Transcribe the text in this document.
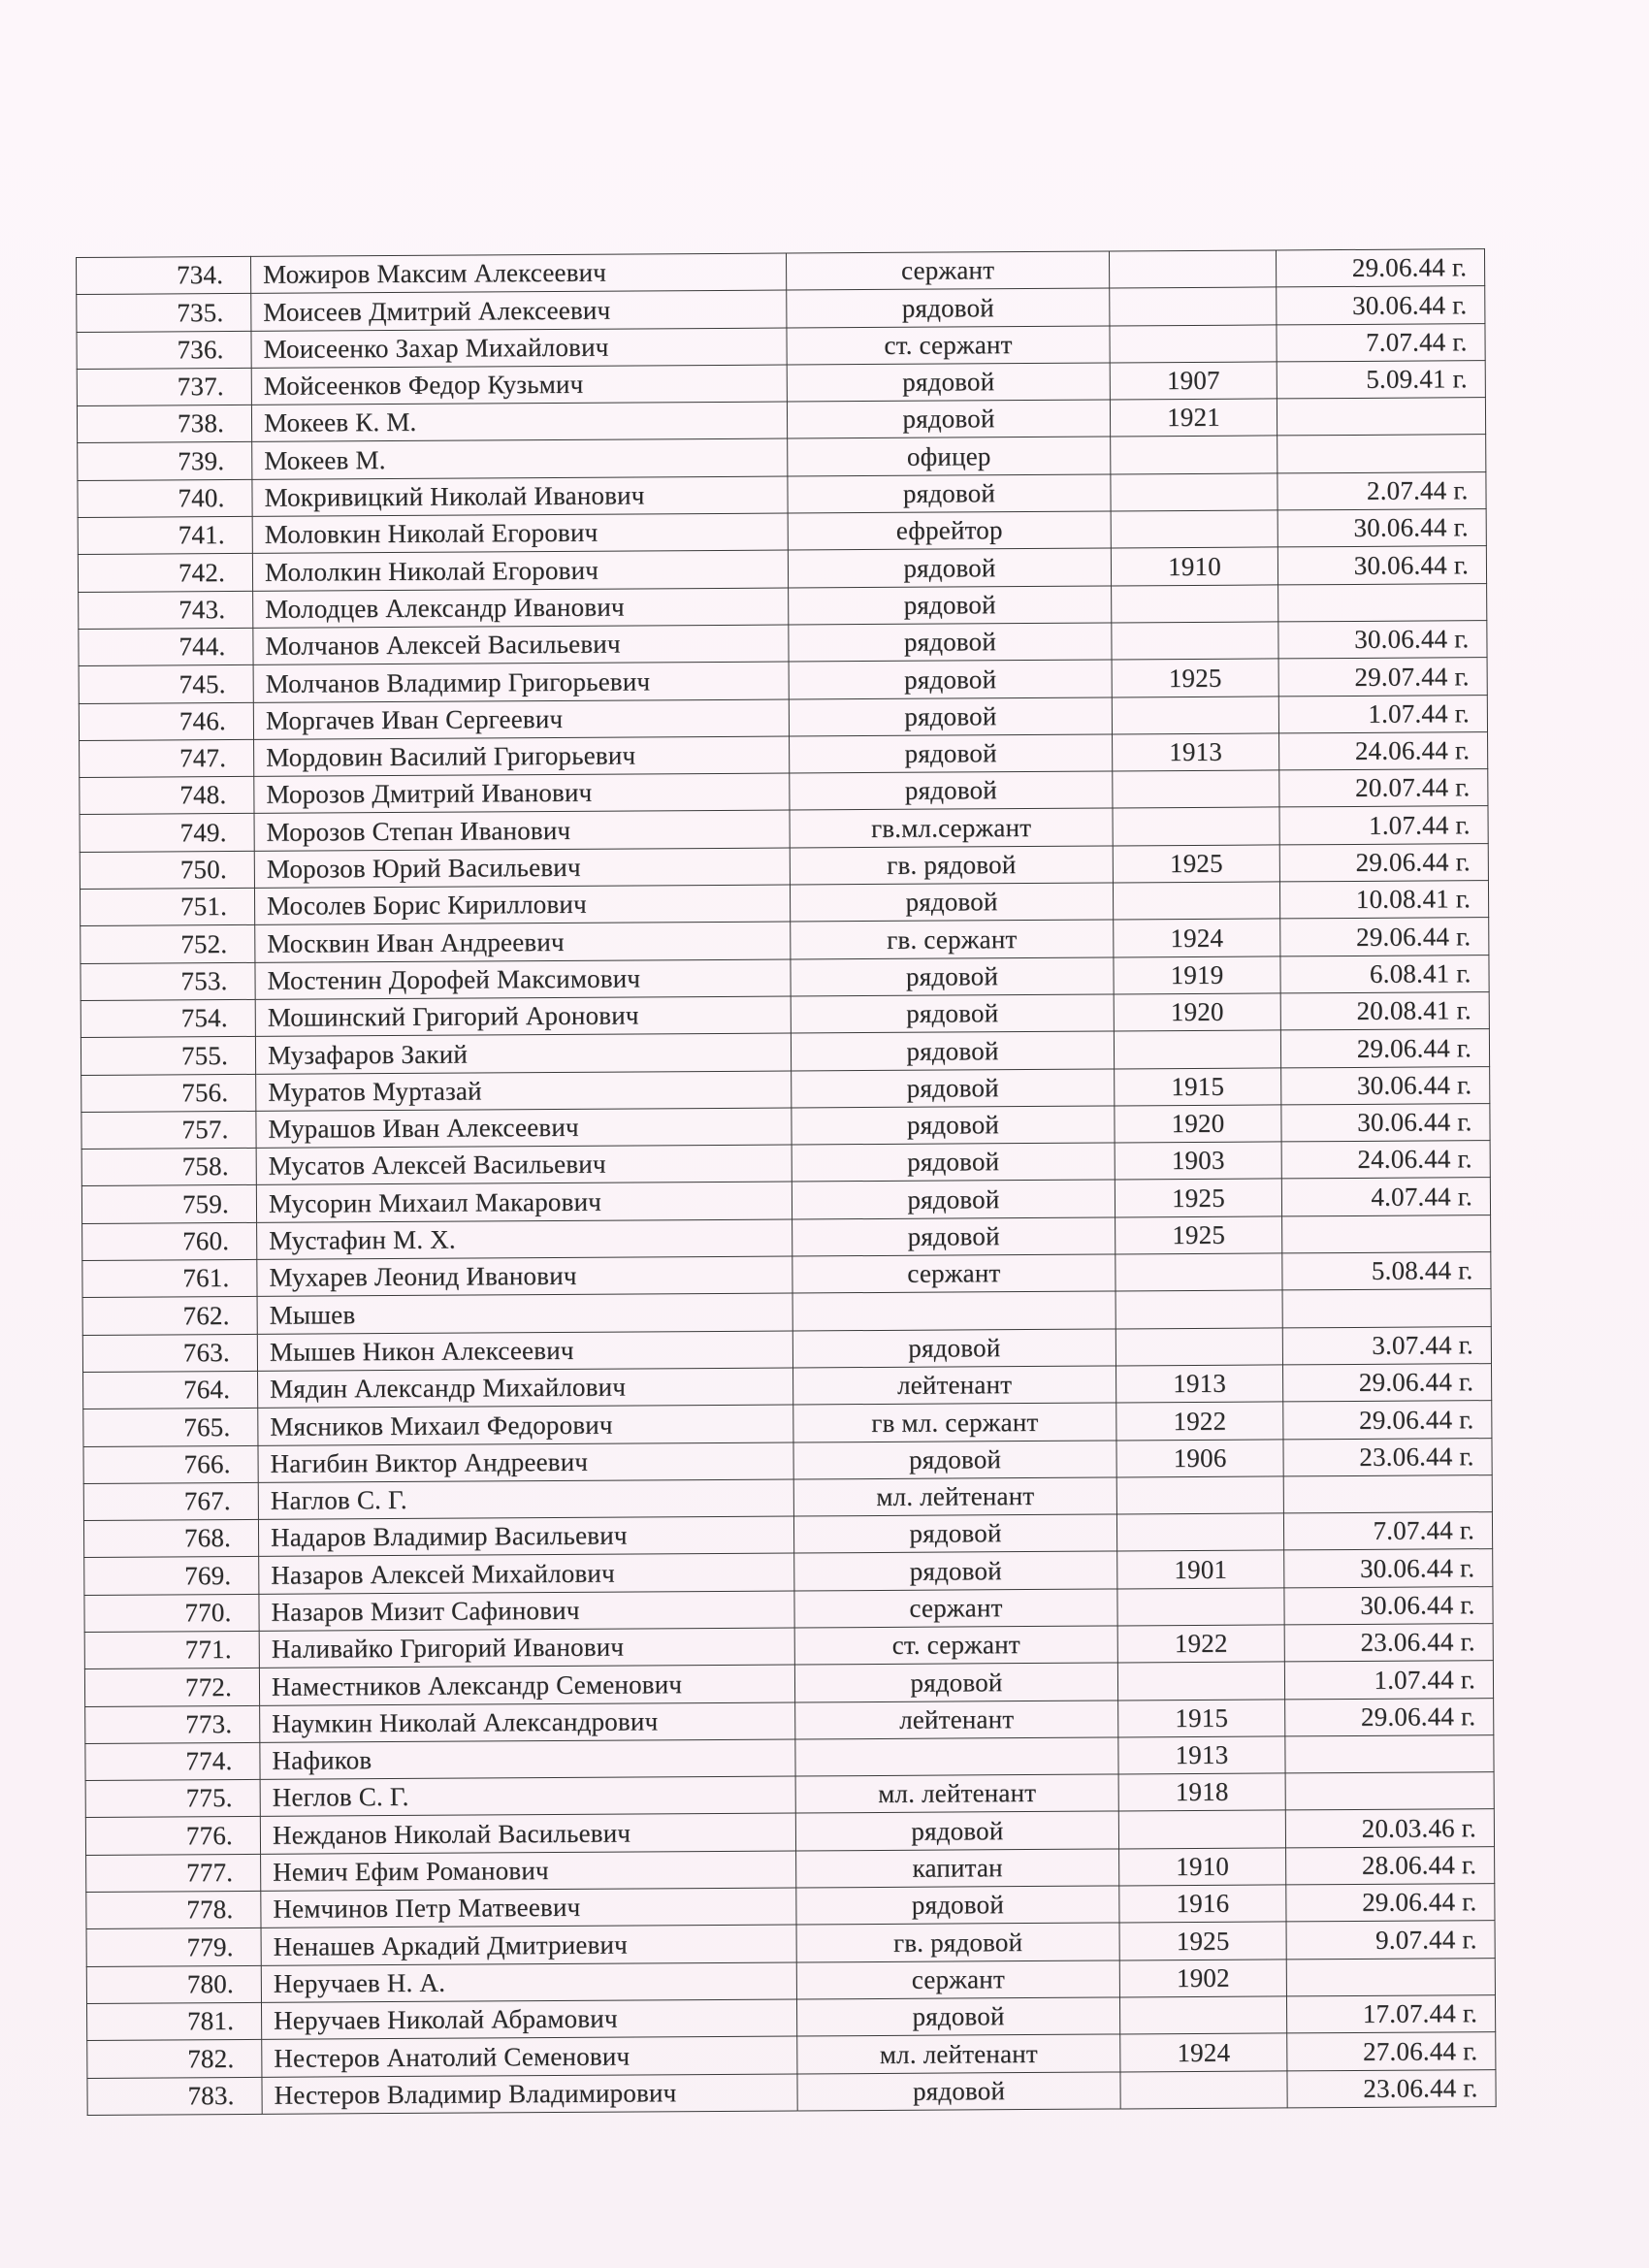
734.	Можиров Максим Алексеевич	сержант		29.06.44 г.
735.	Моисеев Дмитрий Алексеевич	рядовой		30.06.44 г.
736.	Моисеенко Захар Михайлович	ст. сержант		7.07.44 г.
737.	Мойсеенков Федор Кузьмич	рядовой	1907	5.09.41 г.
738.	Мокеев К. М.	рядовой	1921	
739.	Мокеев М.	офицер		
740.	Мокривицкий Николай Иванович	рядовой		2.07.44 г.
741.	Моловкин Николай Егорович	ефрейтор		30.06.44 г.
742.	Мололкин Николай Егорович	рядовой	1910	30.06.44 г.
743.	Молодцев Александр Иванович	рядовой		
744.	Молчанов Алексей Васильевич	рядовой		30.06.44 г.
745.	Молчанов Владимир Григорьевич	рядовой	1925	29.07.44 г.
746.	Моргачев Иван Сергеевич	рядовой		1.07.44 г.
747.	Мордовин Василий Григорьевич	рядовой	1913	24.06.44 г.
748.	Морозов Дмитрий Иванович	рядовой		20.07.44 г.
749.	Морозов Степан Иванович	гв.мл.сержант		1.07.44 г.
750.	Морозов Юрий Васильевич	гв. рядовой	1925	29.06.44 г.
751.	Мосолев Борис Кириллович	рядовой		10.08.41 г.
752.	Москвин Иван Андреевич	гв. сержант	1924	29.06.44 г.
753.	Мостенин Дорофей Максимович	рядовой	1919	6.08.41 г.
754.	Мошинский Григорий Аронович	рядовой	1920	20.08.41 г.
755.	Музафаров Закий	рядовой		29.06.44 г.
756.	Муратов Муртазай	рядовой	1915	30.06.44 г.
757.	Мурашов Иван Алексеевич	рядовой	1920	30.06.44 г.
758.	Мусатов Алексей Васильевич	рядовой	1903	24.06.44 г.
759.	Мусорин Михаил Макарович	рядовой	1925	4.07.44 г.
760.	Мустафин М. Х.	рядовой	1925	
761.	Мухарев Леонид Иванович	сержант		5.08.44 г.
762.	Мышев			
763.	Мышев Никон Алексеевич	рядовой		3.07.44 г.
764.	Мядин Александр Михайлович	лейтенант	1913	29.06.44 г.
765.	Мясников Михаил Федорович	гв мл. сержант	1922	29.06.44 г.
766.	Нагибин Виктор Андреевич	рядовой	1906	23.06.44 г.
767.	Наглов С. Г.	мл. лейтенант		
768.	Надаров Владимир Васильевич	рядовой		7.07.44 г.
769.	Назаров Алексей Михайлович	рядовой	1901	30.06.44 г.
770.	Назаров Мизит Сафинович	сержант		30.06.44 г.
771.	Наливайко Григорий Иванович	ст. сержант	1922	23.06.44 г.
772.	Наместников Александр Семенович	рядовой		1.07.44 г.
773.	Наумкин Николай Александрович	лейтенант	1915	29.06.44 г.
774.	Нафиков		1913	
775.	Неглов С. Г.	мл. лейтенант	1918	
776.	Нежданов Николай Васильевич	рядовой		20.03.46 г.
777.	Немич Ефим Романович	капитан	1910	28.06.44 г.
778.	Немчинов Петр Матвеевич	рядовой	1916	29.06.44 г.
779.	Ненашев Аркадий Дмитриевич	гв. рядовой	1925	9.07.44 г.
780.	Неручаев Н. А.	сержант	1902	
781.	Неручаев Николай Абрамович	рядовой		17.07.44 г.
782.	Нестеров Анатолий Семенович	мл. лейтенант	1924	27.06.44 г.
783.	Нестеров Владимир Владимирович	рядовой		23.06.44 г.
